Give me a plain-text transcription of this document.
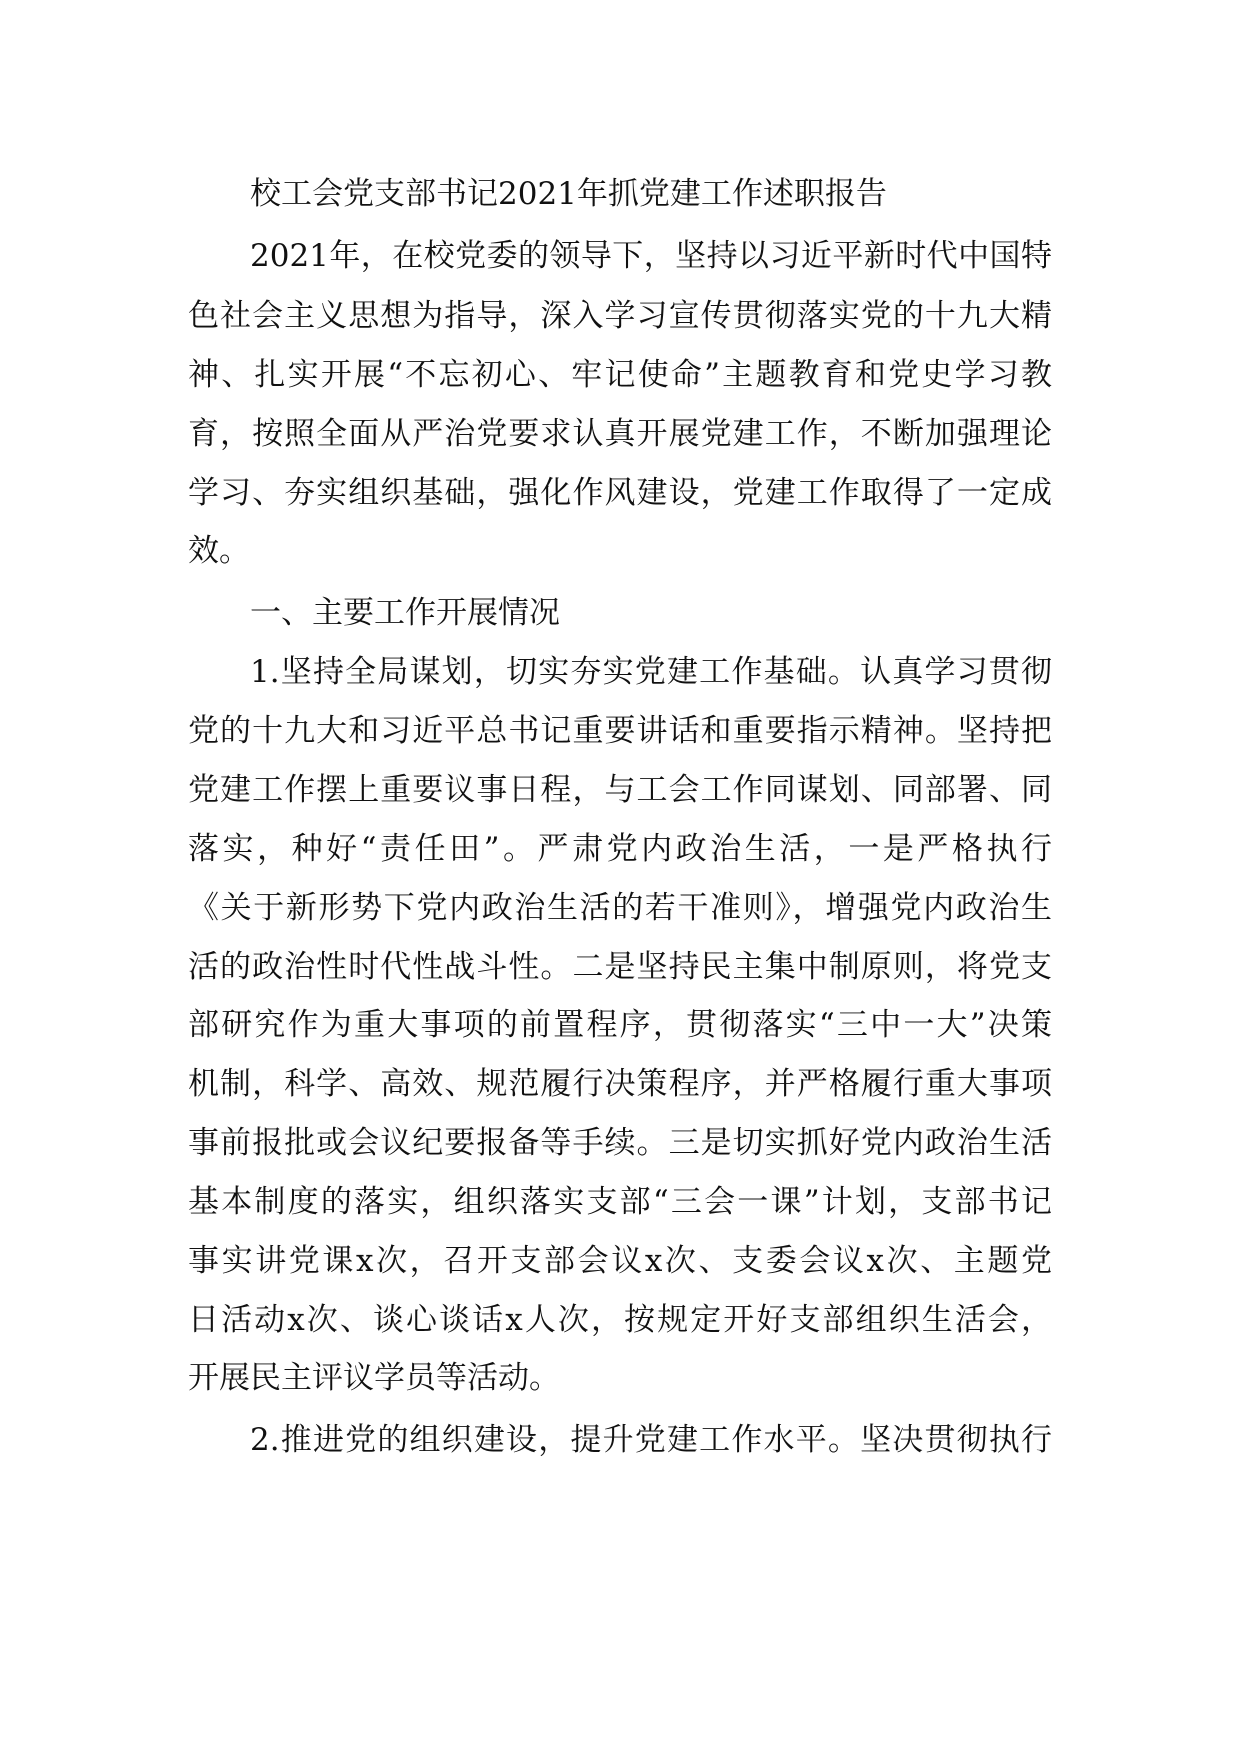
校工会党支部书记2021年抓党建工作述职报告
2021年，在校党委的领导下，坚持以习近平新时代中国特
色社会主义思想为指导，深入学习宣传贯彻落实党的十九大精
神、扎实开展“不忘初心、牢记使命”主题教育和党史学习教
育，按照全面从严治党要求认真开展党建工作，不断加强理论
学习、夯实组织基础，强化作风建设，党建工作取得了一定成
效。
一、主要工作开展情况
1.坚持全局谋划，切实夯实党建工作基础。认真学习贯彻
党的十九大和习近平总书记重要讲话和重要指示精神。坚持把
党建工作摆上重要议事日程，与工会工作同谋划、同部署、同
落实，种好“责任田”。严肃党内政治生活，一是严格执行
《关于新形势下党内政治生活的若干准则》，增强党内政治生
活的政治性时代性战斗性。二是坚持民主集中制原则，将党支
部研究作为重大事项的前置程序，贯彻落实“三中一大”决策
机制，科学、高效、规范履行决策程序，并严格履行重大事项
事前报批或会议纪要报备等手续。三是切实抓好党内政治生活
基本制度的落实，组织落实支部“三会一课”计划，支部书记
事实讲党课x次，召开支部会议x次、支委会议x次、主题党
日活动x次、谈心谈话x人次，按规定开好支部组织生活会，
开展民主评议学员等活动。
2.推进党的组织建设，提升党建工作水平。坚决贯彻执行
